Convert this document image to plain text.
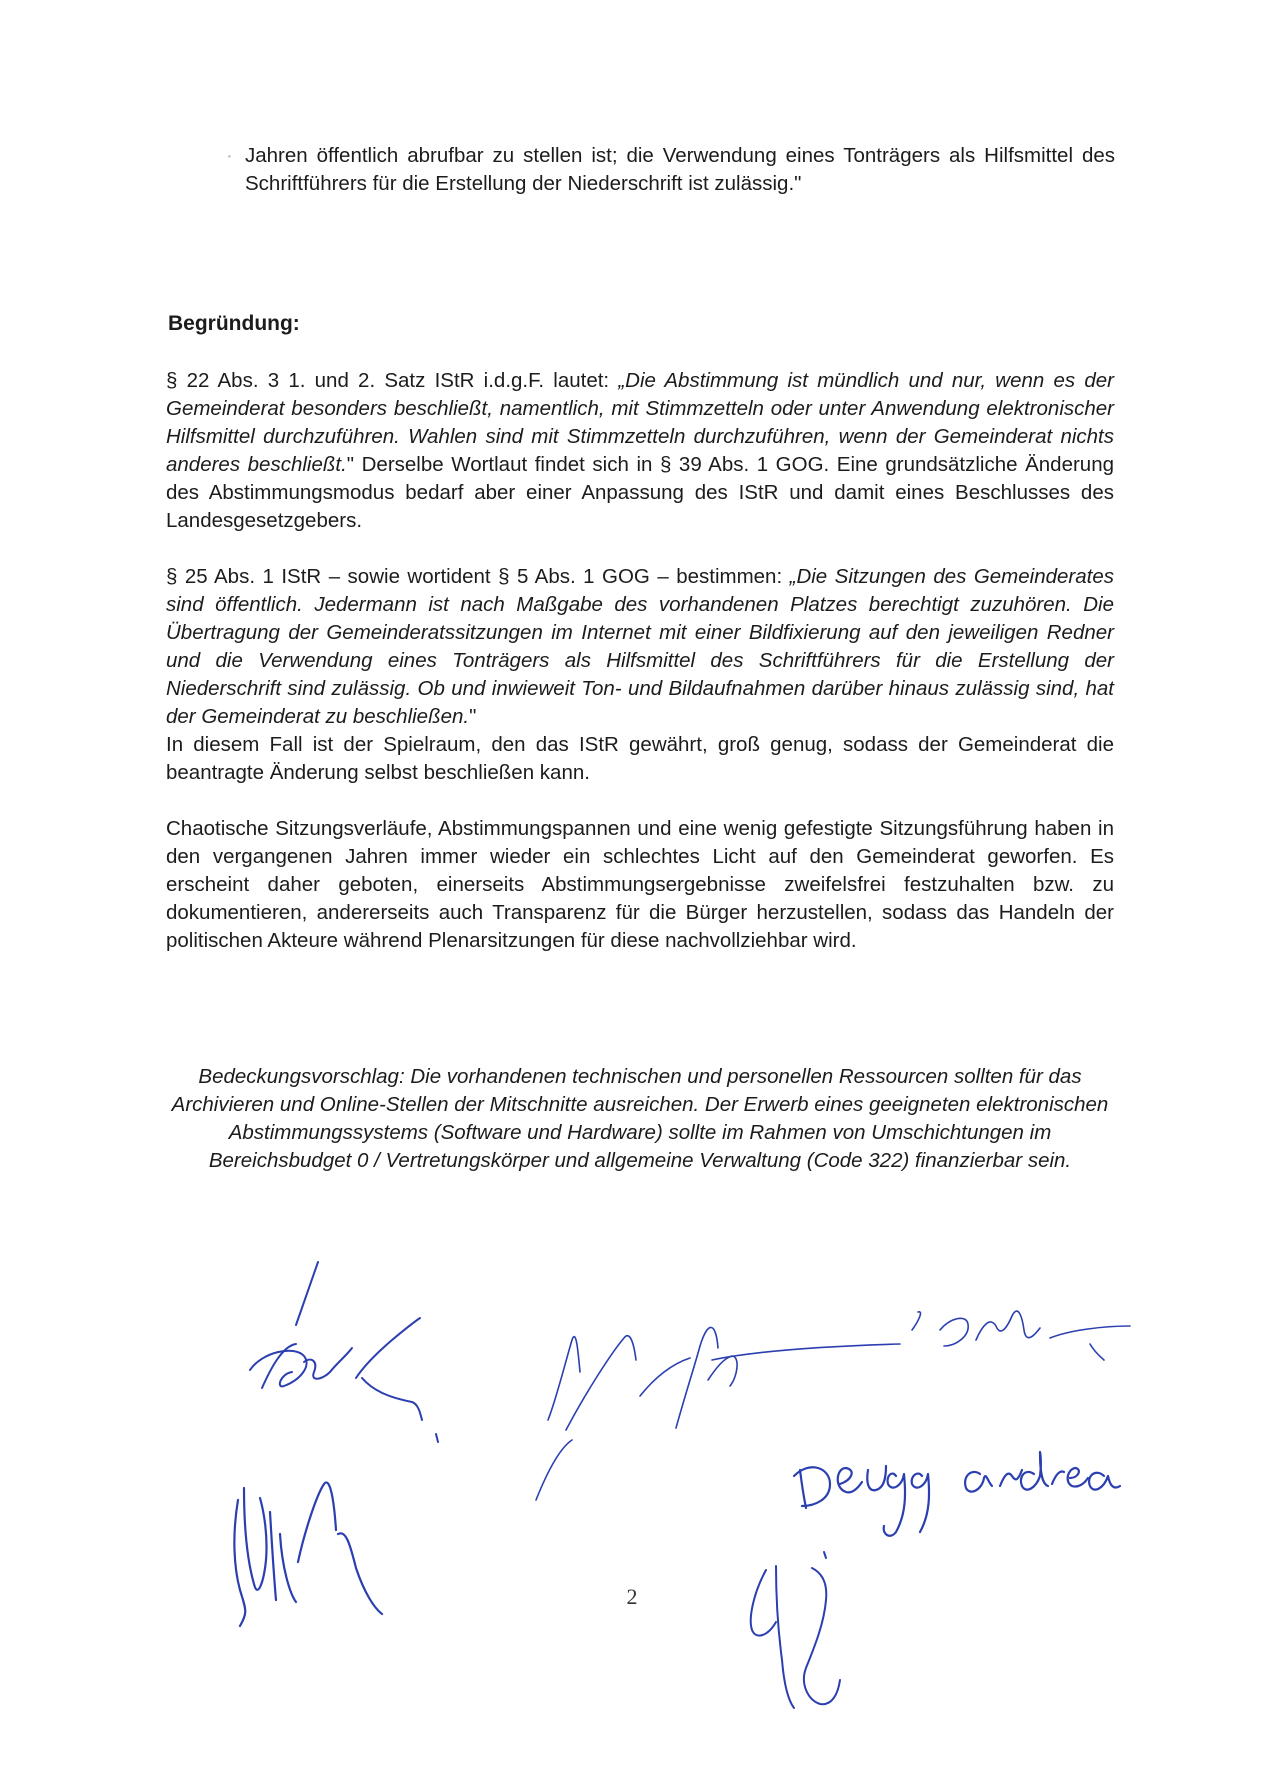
· Jahren öffentlich abrufbar zu stellen ist; die Verwendung eines Tonträgers als Hilfsmittel des Schriftführers für die Erstellung der Niederschrift ist zulässig."

Begründung:
§ 22 Abs. 3 1. und 2. Satz IStR i.d.g.F. lautet: „Die Abstimmung ist mündlich und nur, wenn es der Gemeinderat besonders beschließt, namentlich, mit Stimmzetteln oder unter Anwendung elektronischer Hilfsmittel durchzuführen. Wahlen sind mit Stimmzetteln durchzuführen, wenn der Gemeinderat nichts anderes beschließt." Derselbe Wortlaut findet sich in § 39 Abs. 1 GOG. Eine grundsätzliche Änderung des Abstimmungsmodus bedarf aber einer Anpassung des IStR und damit eines Beschlusses des Landesgesetzgebers.

§ 25 Abs. 1 IStR – sowie wortident § 5 Abs. 1 GOG – bestimmen: „Die Sitzungen des Gemeinderates sind öffentlich. Jedermann ist nach Maßgabe des vorhandenen Platzes berechtigt zuzuhören. Die Übertragung der Gemeinderatssitzungen im Internet mit einer Bildfixierung auf den jeweiligen Redner und die Verwendung eines Tonträgers als Hilfsmittel des Schriftführers für die Erstellung der Niederschrift sind zulässig. Ob und inwieweit Ton- und Bildaufnahmen darüber hinaus zulässig sind, hat der Gemeinderat zu beschließen."

In diesem Fall ist der Spielraum, den das IStR gewährt, groß genug, sodass der Gemeinderat die beantragte Änderung selbst beschließen kann.

Chaotische Sitzungsverläufe, Abstimmungspannen und eine wenig gefestigte Sitzungsführung haben in den vergangenen Jahren immer wieder ein schlechtes Licht auf den Gemeinderat geworfen. Es erscheint daher geboten, einerseits Abstimmungsergebnisse zweifelsfrei festzuhalten bzw. zu dokumentieren, andererseits auch Transparenz für die Bürger herzustellen, sodass das Handeln der politischen Akteure während Plenarsitzungen für diese nachvollziehbar wird.

Bedeckungsvorschlag: Die vorhandenen technischen und personellen Ressourcen sollten für das Archivieren und Online-Stellen der Mitschnitte ausreichen. Der Erwerb eines geeigneten elektronischen Abstimmungssystems (Software und Hardware) sollte im Rahmen von Umschichtungen im Bereichsbudget 0 / Vertretungskörper und allgemeine Verwaltung (Code 322) finanzierbar sein.

2
